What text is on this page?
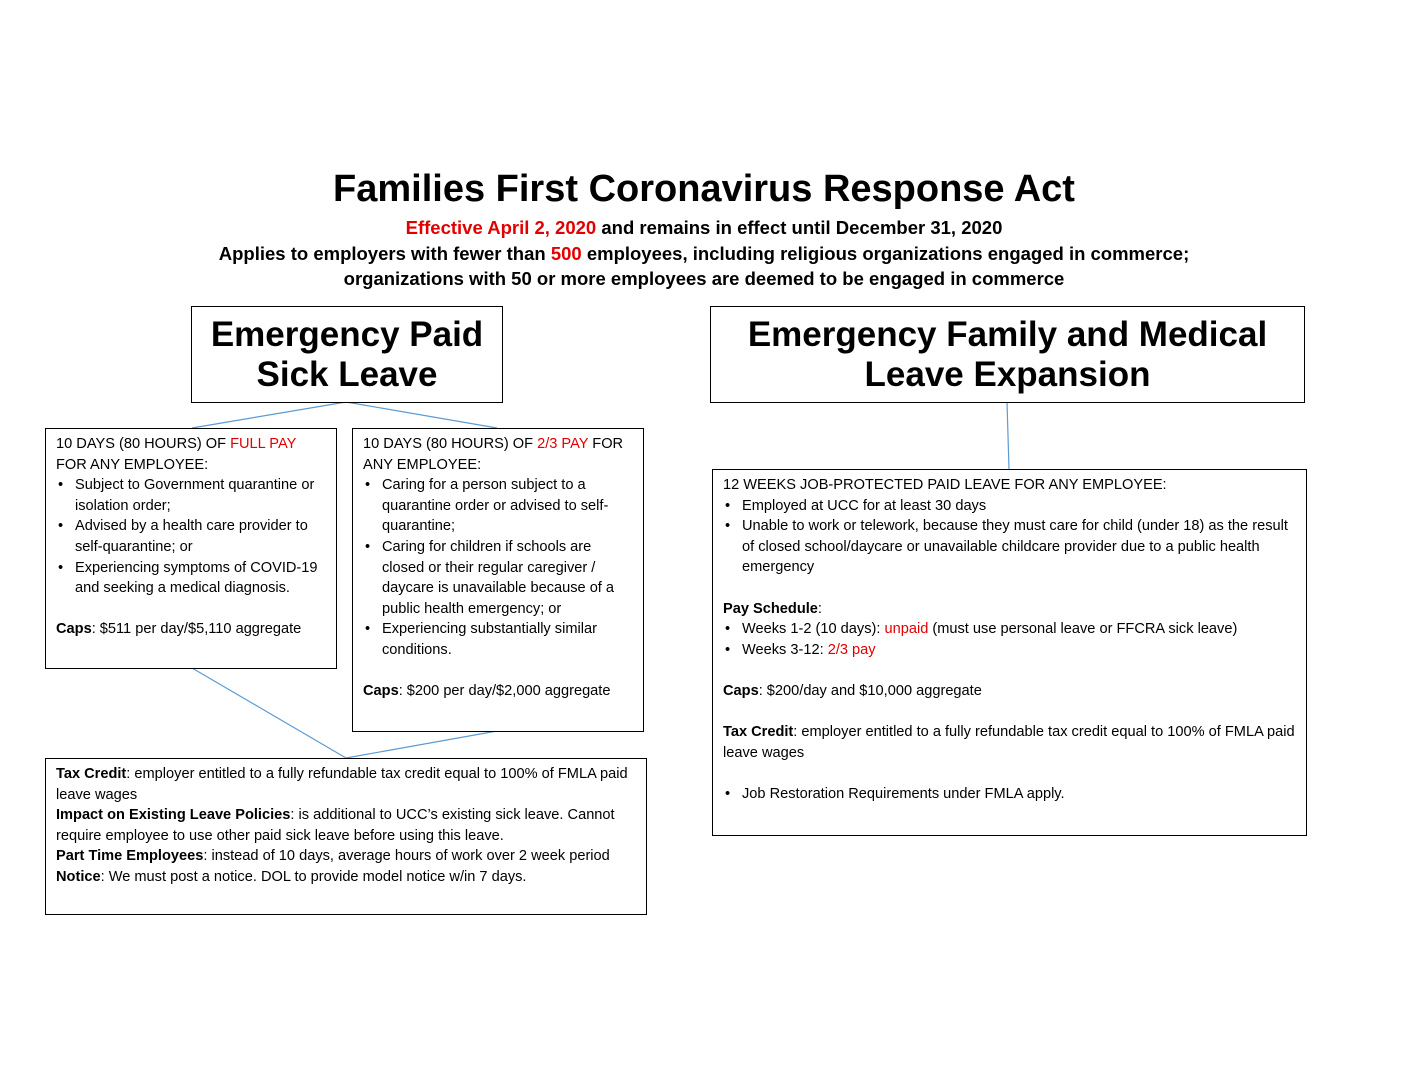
Families First Coronavirus Response Act
Effective April 2, 2020 and remains in effect until December 31, 2020
Applies to employers with fewer than 500 employees, including religious organizations engaged in commerce;
organizations with 50 or more employees are deemed to be engaged in commerce
Emergency Paid
Sick Leave
Emergency Family and Medical
Leave Expansion
10 DAYS (80 HOURS) OF FULL PAY FOR ANY EMPLOYEE:
• Subject to Government quarantine or isolation order;
• Advised by a health care provider to self-quarantine; or
• Experiencing symptoms of COVID-19 and seeking a medical diagnosis.
Caps: $511 per day/$5,110 aggregate
10 DAYS (80 HOURS) OF 2/3 PAY FOR ANY EMPLOYEE:
• Caring for a person subject to a quarantine order or advised to self-quarantine;
• Caring for children if schools are closed or their regular caregiver / daycare is unavailable because of a public health emergency; or
• Experiencing substantially similar conditions.
Caps: $200 per day/$2,000 aggregate
Tax Credit: employer entitled to a fully refundable tax credit equal to 100% of FMLA paid leave wages
Impact on Existing Leave Policies: is additional to UCC’s existing sick leave. Cannot require employee to use other paid sick leave before using this leave.
Part Time Employees: instead of 10 days, average hours of work over 2 week period
Notice: We must post a notice. DOL to provide model notice w/in 7 days.
12 WEEKS JOB-PROTECTED PAID LEAVE FOR ANY EMPLOYEE:
• Employed at UCC for at least 30 days
• Unable to work or telework, because they must care for child (under 18) as the result of closed school/daycare or unavailable childcare provider due to a public health emergency
Pay Schedule:
• Weeks 1-2 (10 days): unpaid (must use personal leave or FFCRA sick leave)
• Weeks 3-12: 2/3 pay
Caps: $200/day and $10,000 aggregate
Tax Credit: employer entitled to a fully refundable tax credit equal to 100% of FMLA paid leave wages
• Job Restoration Requirements under FMLA apply.
